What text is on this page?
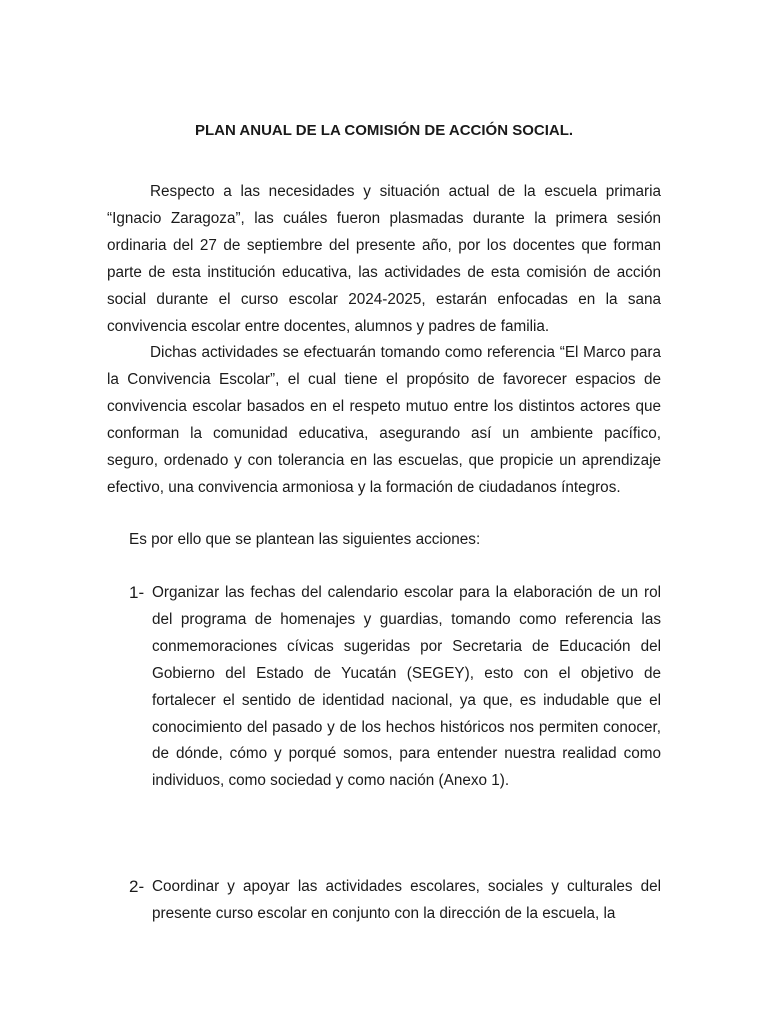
PLAN ANUAL DE LA COMISIÓN DE ACCIÓN SOCIAL.

Respecto a las necesidades y situación actual de la escuela primaria “Ignacio Zaragoza”, las cuáles fueron plasmadas durante la primera sesión ordinaria del 27 de septiembre del presente año, por los docentes que forman parte de esta institución educativa, las actividades de esta comisión de acción social durante el curso escolar 2024-2025, estarán enfocadas en la sana convivencia escolar entre docentes, alumnos y padres de familia.

Dichas actividades se efectuarán tomando como referencia “El Marco para la Convivencia Escolar”, el cual tiene el propósito de favorecer espacios de convivencia escolar basados en el respeto mutuo entre los distintos actores que conforman la comunidad educativa, asegurando así un ambiente pacífico, seguro, ordenado y con tolerancia en las escuelas, que propicie un aprendizaje efectivo, una convivencia armoniosa y la formación de ciudadanos íntegros.

Es por ello que se plantean las siguientes acciones:

1- Organizar las fechas del calendario escolar para la elaboración de un rol del programa de homenajes y guardias, tomando como referencia las conmemoraciones cívicas sugeridas por Secretaria de Educación del Gobierno del Estado de Yucatán (SEGEY), esto con el objetivo de fortalecer el sentido de identidad nacional, ya que, es indudable que el conocimiento del pasado y de los hechos históricos nos permiten conocer, de dónde, cómo y porqué somos, para entender nuestra realidad como individuos, como sociedad y como nación (Anexo 1).

2- Coordinar y apoyar las actividades escolares, sociales y culturales del presente curso escolar en conjunto con la dirección de la escuela, la
